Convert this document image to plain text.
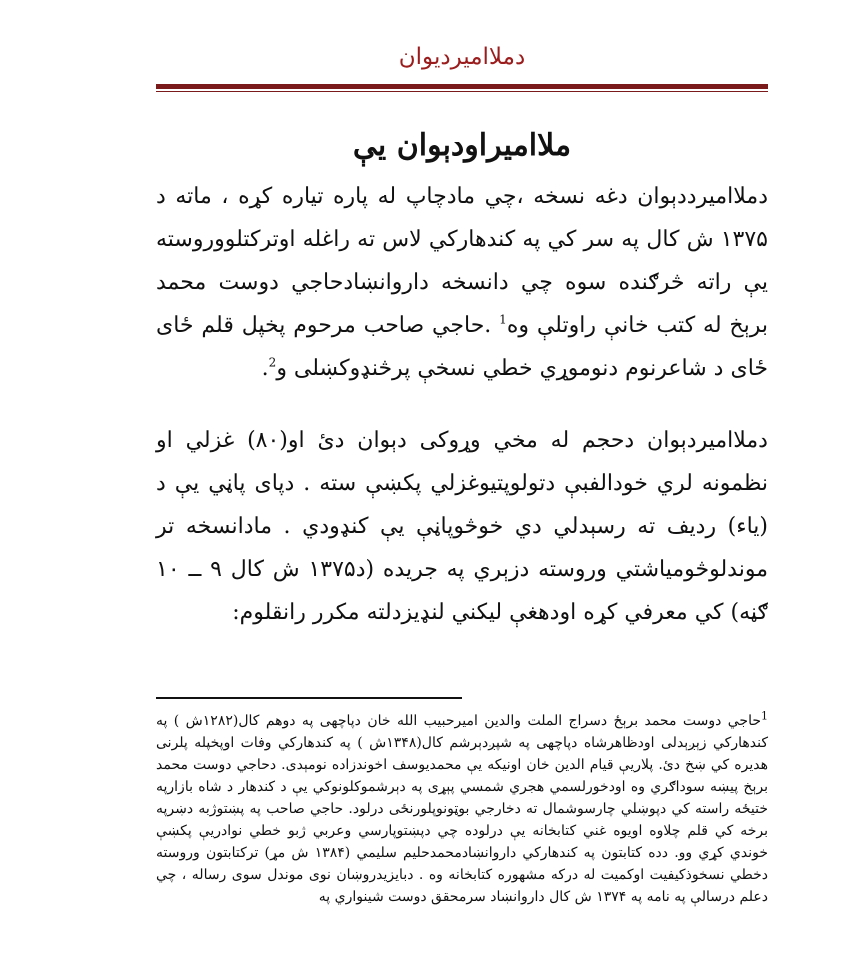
دملاامیردیوان
ملاامیراودېوان یې
دملاامیرددېوان دغه نسخه ،چي مادچاپ له پاره تیاره کړه ، ماته د ۱۳۷۵ ش کال په سر کي په کندهارکي لاس ته راغله اوترکتلووروسته یې راته څرګنده سوه چي دانسخه داروانښادحاجي دوست محمد برېخ له کتب خانې راوتلې وه$^1$ .حاجي صاحب مرحوم پخپل قلم ځای ځای د شاعرنوم دنوموړي خطي نسخې پرڅنډوکښلی و$^2$.
دملاامیردېوان دحجم له مخي وړوکی دېوان دئ او(۸۰) غزلي او نظمونه لري خودالفبې دتولوپتیوغزلي پکښې سته . دپای پاڼي یې د (یاء) ردیف ته رسېدلي دي خوڅوپاڼې یې کنډودي . مادانسخه تر موندلوڅومیاشتي وروسته دزېري په جریده (د۱۳۷۵ ش کال ۹ ــ ۱۰ ګڼه) کي معرفي کړه اودهغې لیکني لنډیزدلته مکرر رانقلوم:
$^1$حاجي دوست محمد برېځ دسراج الملت والدین امیرحبیب الله خان دپاچهی په دوهم کال(۱۲۸۲ش ) په کندهارکي زېږېدلی اودظاهرشاه دپاچهی په شپږدېرشم کال(۱۳۴۸ش ) په کندهارکي وفات اوپخپله پلرنی هدیره کي ښخ دئ. پلاریې قیام الدین خان اونیکه یې محمدیوسف اخوندزاده نومېدی. دحاجي دوست محمد برېخ پیښه سوداګري وه اودخورلسمي هجري شمسي پېړی په دېرشموکلونوکي یې د کندهار د شاه بازارپه ختیځه راسته کي دپوښلي چارسوشمال ته دخارجي بوټونوپلورنځی درلود. حاجي صاحب په پښتوژبه دښرپه برخه کي قلم چلاوه اویوه غني کتابخانه یې درلوده چي دپښتوپارسي وعربي ژبو خطي نوادریې پکښې خوندي کړي وو. دده کتابتون په کندهارکي داروانښادمحمدحلیم سلیمي (۱۳۸۴ ش مړ) ترکتابتون وروسته دخطي نسخوذکیفیت اوکمیت له درکه مشهوره کتابخانه وه . دبایزیدروښان نوی موندل سوی رساله ، چي دعلم درسالې په نامه په ۱۳۷۴ ش کال داروانښاد سرمحقق دوست شینواري په
